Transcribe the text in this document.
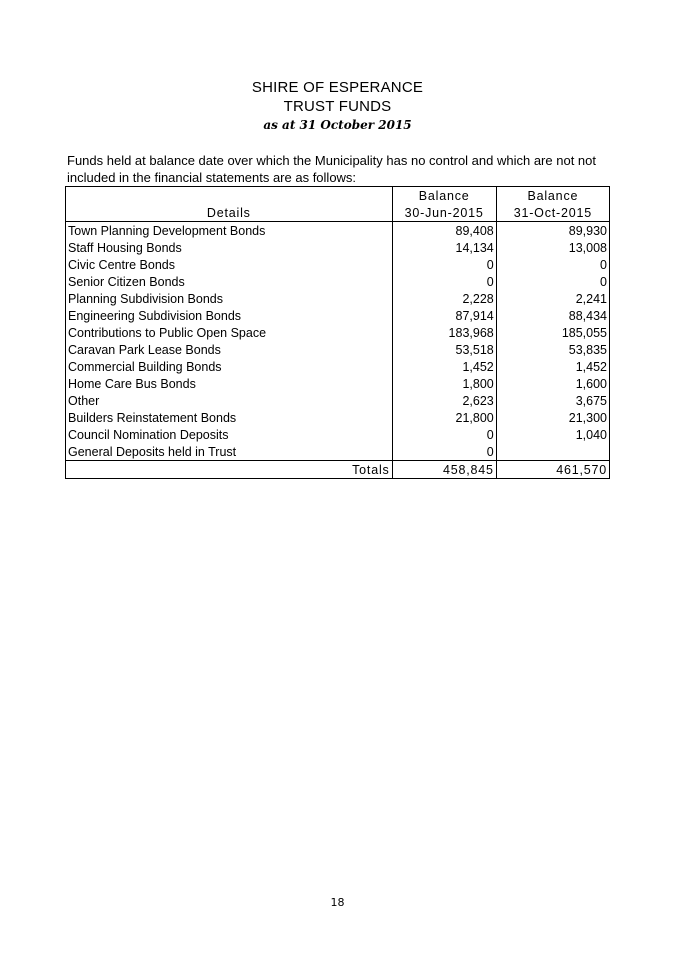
SHIRE OF ESPERANCE
TRUST FUNDS
as at 31 October 2015
Funds held at balance date over which the Municipality has no control and which are not not included in the financial statements are as follows:
	Balance	Balance
Details	30-Jun-2015	31-Oct-2015
Town Planning Development Bonds	89,408	89,930
Staff Housing Bonds	14,134	13,008
Civic Centre Bonds	0	0
Senior Citizen Bonds	0	0
Planning Subdivision Bonds	2,228	2,241
Engineering Subdivision Bonds	87,914	88,434
Contributions to Public Open Space	183,968	185,055
Caravan Park Lease Bonds	53,518	53,835
Commercial Building Bonds	1,452	1,452
Home Care Bus Bonds	1,800	1,600
Other	2,623	3,675
Builders Reinstatement Bonds	21,800	21,300
Council Nomination Deposits	0	1,040
General Deposits held in Trust	0	
Totals	458,845	461,570
18
